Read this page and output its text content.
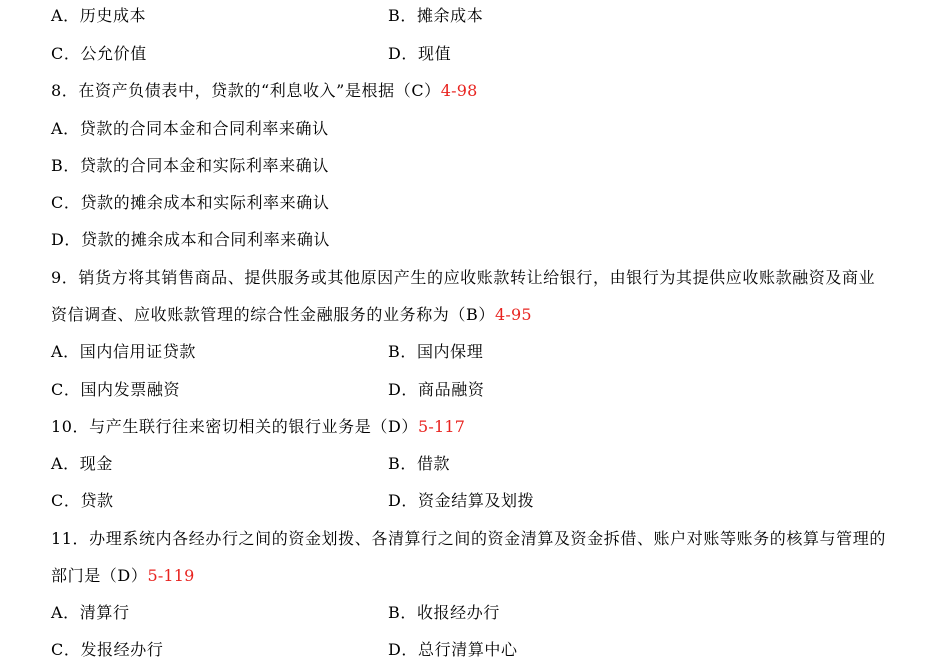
A．历史成本	B．摊余成本
C．公允价值	D．现值
8．在资产负债表中，贷款的“利息收入”是根据（C）4-98
A．贷款的合同本金和合同利率来确认
B．贷款的合同本金和实际利率来确认
C．贷款的摊余成本和实际利率来确认
D．贷款的摊余成本和合同利率来确认
9．销货方将其销售商品、提供服务或其他原因产生的应收账款转让给银行，由银行为其提供应收账款融资及商业
资信调查、应收账款管理的综合性金融服务的业务称为（B）4-95
A．国内信用证贷款	B．国内保理
C．国内发票融资	D．商品融资
10．与产生联行往来密切相关的银行业务是（D）5-117
A．现金	B．借款
C．贷款	D．资金结算及划拨
11．办理系统内各经办行之间的资金划拨、各清算行之间的资金清算及资金拆借、账户对账等账务的核算与管理的
部门是（D）5-119
A．清算行	B．收报经办行
C．发报经办行	D．总行清算中心
